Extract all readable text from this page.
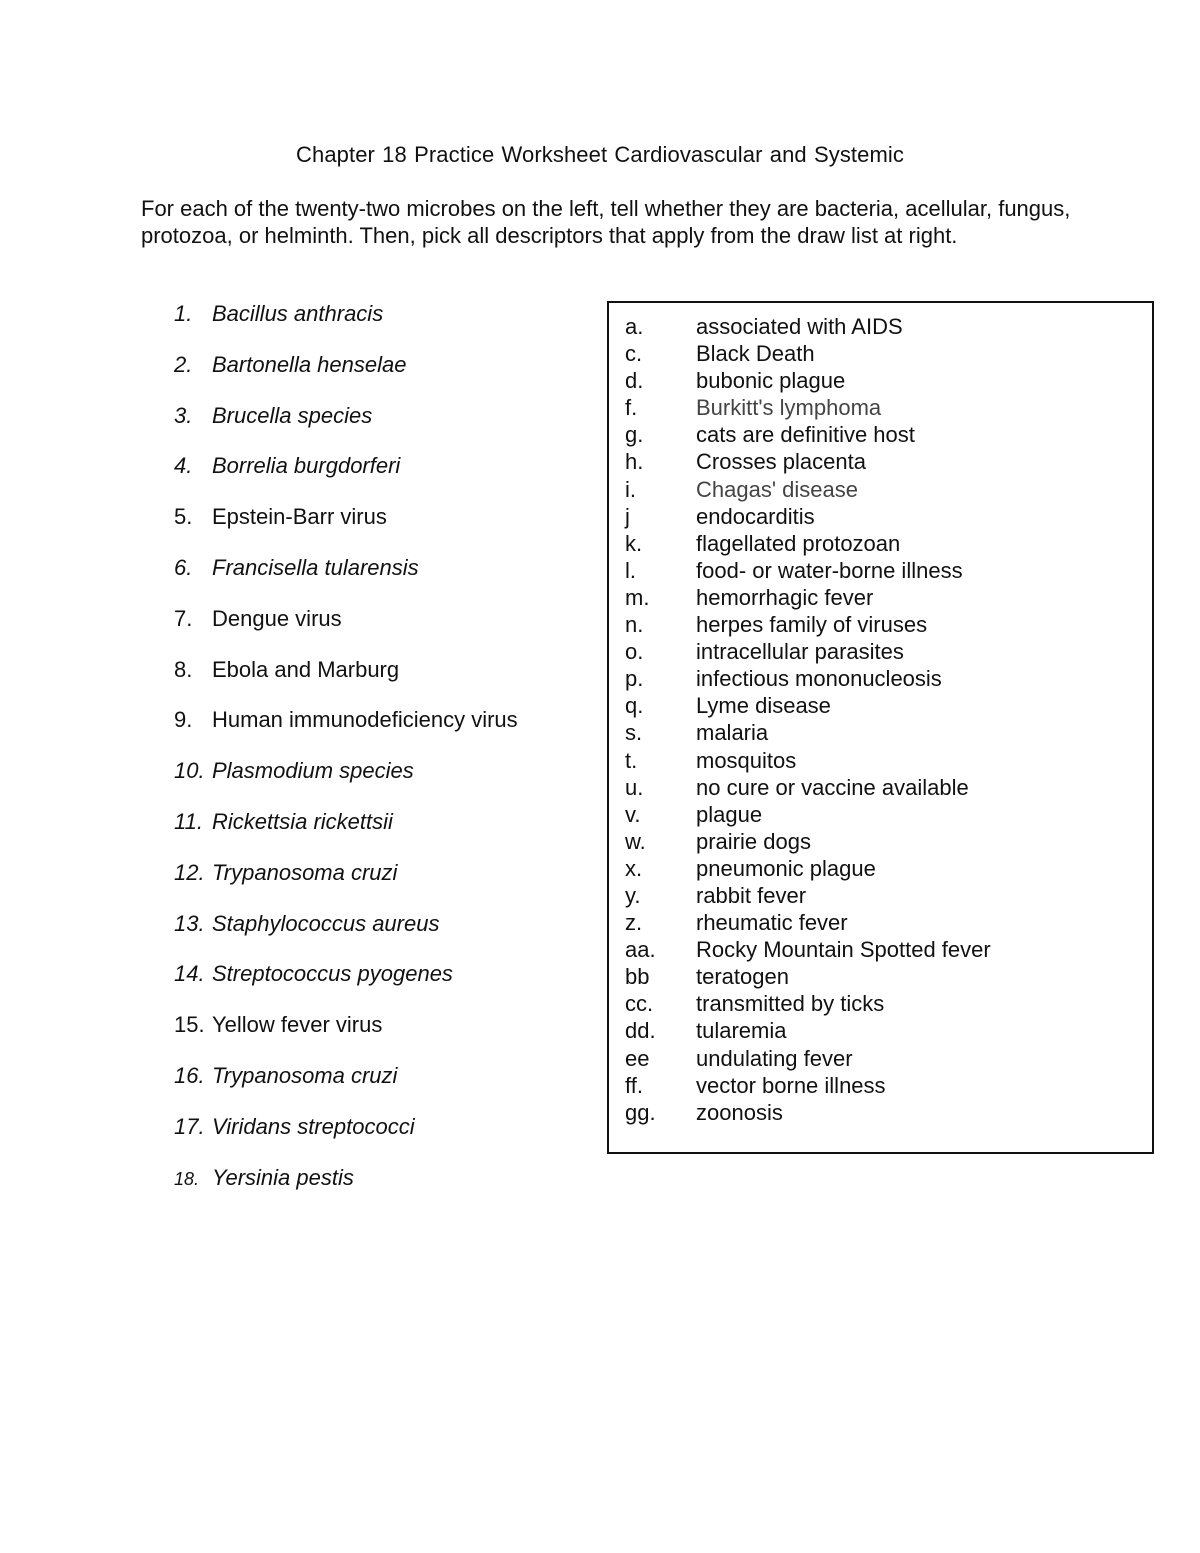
Chapter 18 Practice Worksheet Cardiovascular and Systemic

For each of the twenty-two microbes on the left, tell whether they are bacteria, acellular, fungus, protozoa, or helminth. Then, pick all descriptors that apply from the draw list at right.

1. Bacillus anthracis
2. Bartonella henselae
3. Brucella species
4. Borrelia burgdorferi
5. Epstein-Barr virus
6. Francisella tularensis
7. Dengue virus
8. Ebola and Marburg
9. Human immunodeficiency virus
10. Plasmodium species
11. Rickettsia rickettsii
12. Trypanosoma cruzi
13. Staphylococcus aureus
14. Streptococcus pyogenes
15. Yellow fever virus
16. Trypanosoma cruzi
17. Viridans streptococci
18. Yersinia pestis
a. associated with AIDS
c. Black Death
d. bubonic plague
f.	Burkitt's lymphoma
g. cats are definitive host
h. Crosses placenta
i.	Chagas' disease
j	endocarditis
k. flagellated protozoan
l.	food- or water-borne illness
m. hemorrhagic fever
n. herpes family of viruses
o. intracellular parasites
p. infectious mononucleosis
q. Lyme disease
s. malaria
t.	mosquitos
u. no cure or vaccine available
v.	plague
w. prairie dogs
x. pneumonic plague
y.	rabbit fever
z. rheumatic fever
aa. Rocky Mountain Spotted fever
bb teratogen
cc. transmitted by ticks
dd. tularemia
ee undulating fever
ff. vector borne illness
gg. zoonosis
